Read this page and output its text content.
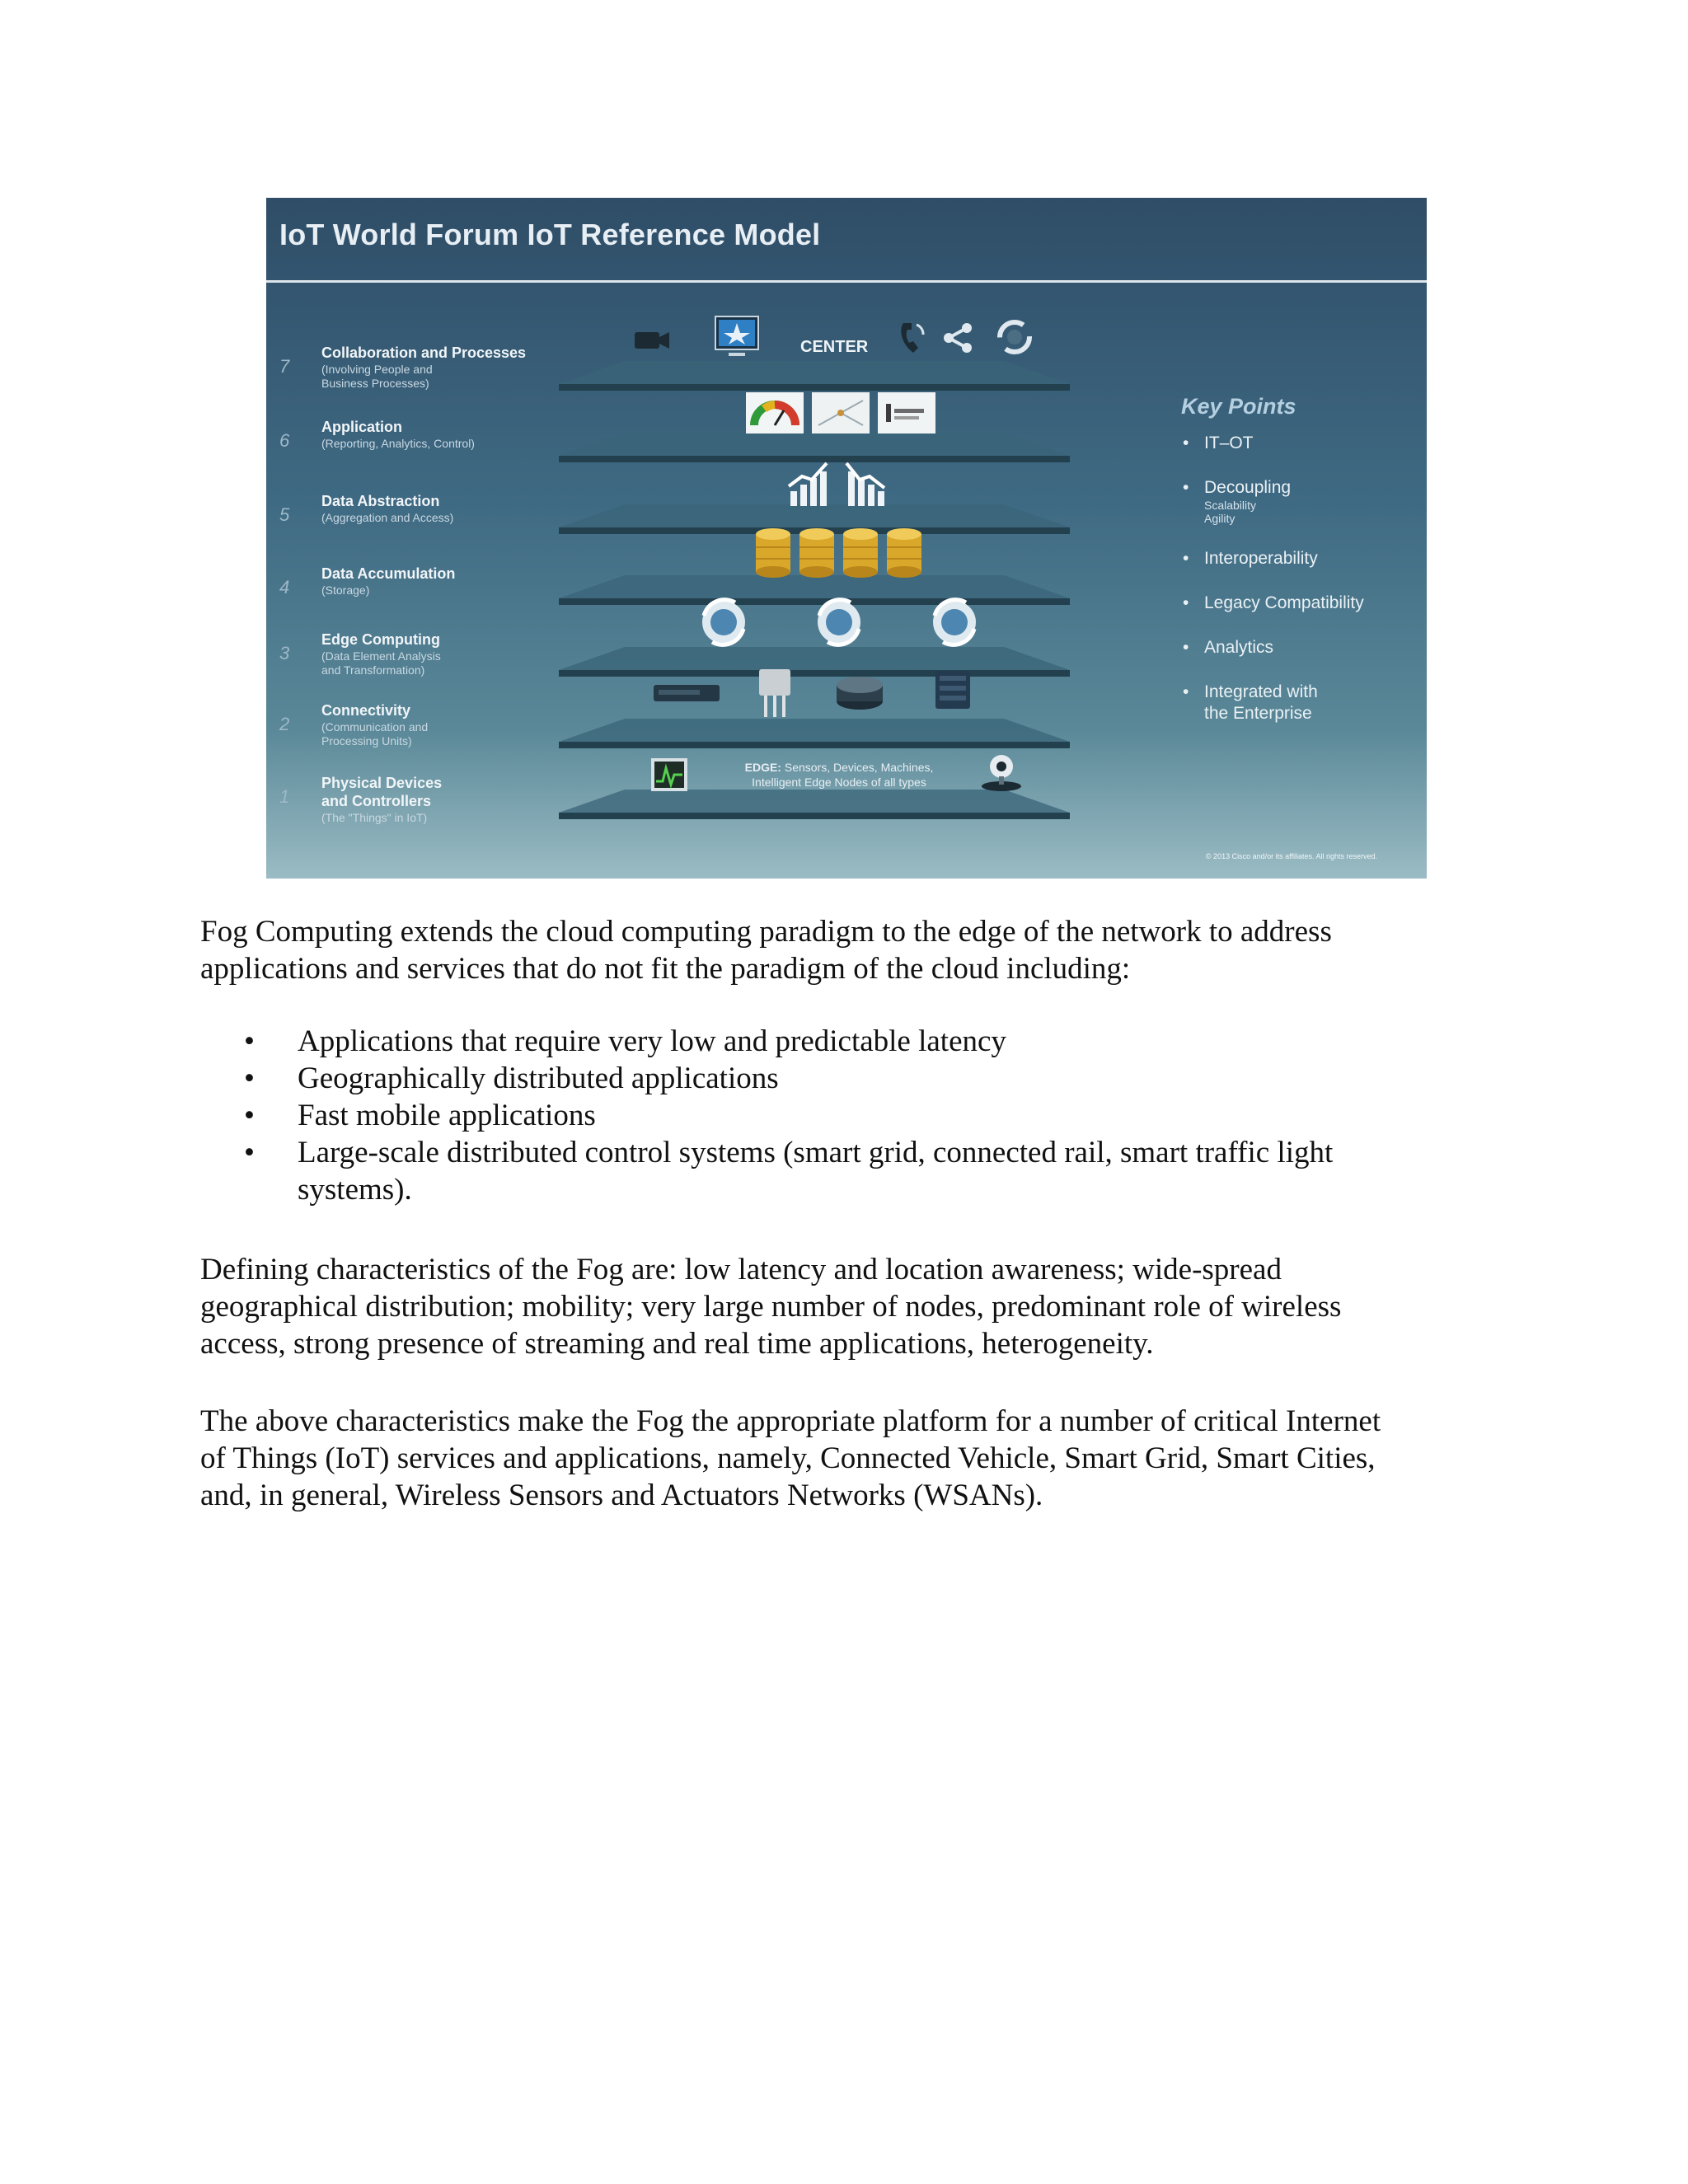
IoT World Forum IoT Reference Model
7
Collaboration and Processes
(Involving People and
Business Processes)
6
Application
(Reporting, Analytics, Control)
5
Data Abstraction
(Aggregation and Access)
4
Data Accumulation
(Storage)
3
Edge Computing
(Data Element Analysis
and Transformation)
2
Connectivity
(Communication and
Processing Units)
1
Physical Devices
and Controllers
(The "Things" in IoT)
CENTER
EDGE: Sensors, Devices, Machines,
Intelligent Edge Nodes of all types

Key Points

• IT–OT
• Decoupling
Scalability
Agility
• Interoperability
• Legacy Compatibility
• Analytics
• Integrated with
the Enterprise
© 2013 Cisco and/or its affiliates. All rights reserved.

Fog Computing extends the cloud computing paradigm to the edge of the network to address

applications and services that do not fit the paradigm of the cloud including:

• Applications that require very low and predictable latency
• Geographically distributed applications
• Fast mobile applications
• Large-scale distributed control systems (smart grid, connected rail, smart traffic light
systems).

Defining characteristics of the Fog are: low latency and location awareness; wide-spread

geographical distribution; mobility; very large number of nodes, predominant role of wireless

access, strong presence of streaming and real time applications, heterogeneity.

The above characteristics make the Fog the appropriate platform for a number of critical Internet

of Things (IoT) services and applications, namely, Connected Vehicle, Smart Grid, Smart Cities,

and, in general, Wireless Sensors and Actuators Networks (WSANs).
